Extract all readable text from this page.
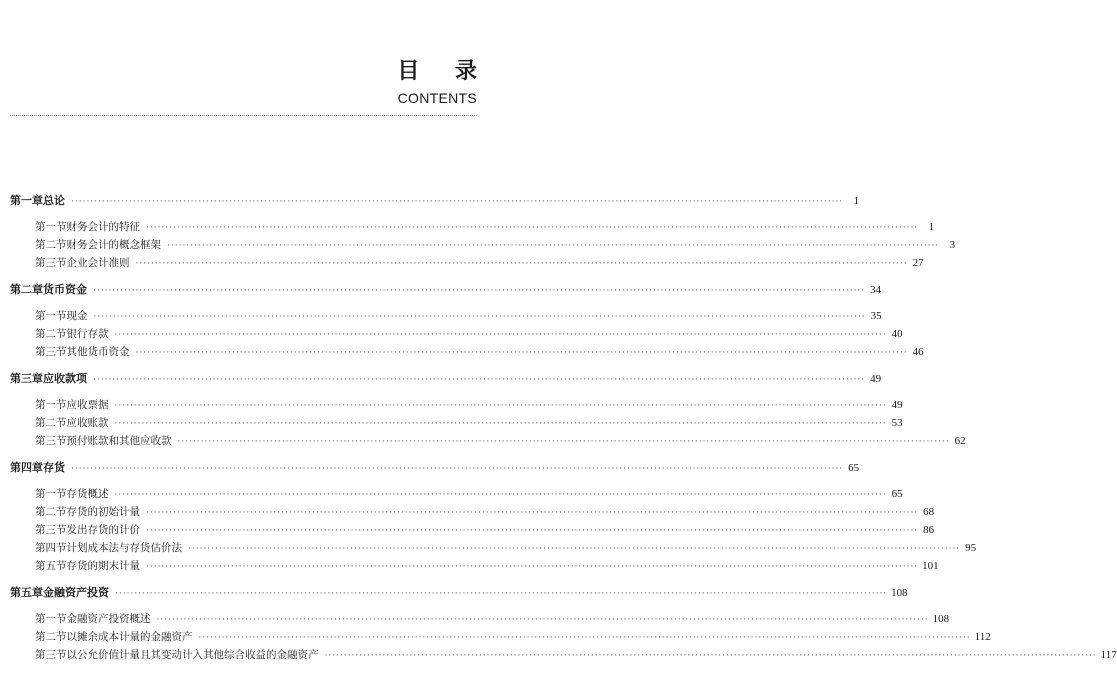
目 录
CONTENTS
第一章 总论 ········································································································································································································ 1
第一节 财务会计的特征 ········································································································································································································ 1
第二节 财务会计的概念框架 ········································································································································································································ 3
第三节 企业会计准则 ········································································································································································································ 27
第二章 货币资金 ········································································································································································································ 34
第一节 现金 ········································································································································································································ 35
第二节 银行存款 ········································································································································································································ 40
第三节 其他货币资金 ········································································································································································································ 46
第三章 应收款项 ········································································································································································································ 49
第一节 应收票据 ········································································································································································································ 49
第二节 应收账款 ········································································································································································································ 53
第三节 预付账款和其他应收款 ········································································································································································································ 62
第四章 存货 ········································································································································································································ 65
第一节 存货概述 ········································································································································································································ 65
第二节 存货的初始计量 ········································································································································································································ 68
第三节 发出存货的计价 ········································································································································································································ 86
第四节 计划成本法与存货估价法 ········································································································································································································ 95
第五节 存货的期末计量 ········································································································································································································ 101
第五章 金融资产投资 ········································································································································································································ 108
第一节 金融资产投资概述 ········································································································································································································ 108
第二节 以摊余成本计量的金融资产 ········································································································································································································ 112
第三节 以公允价值计量且其变动计入其他综合收益的金融资产 ········································································································································································································ 117
